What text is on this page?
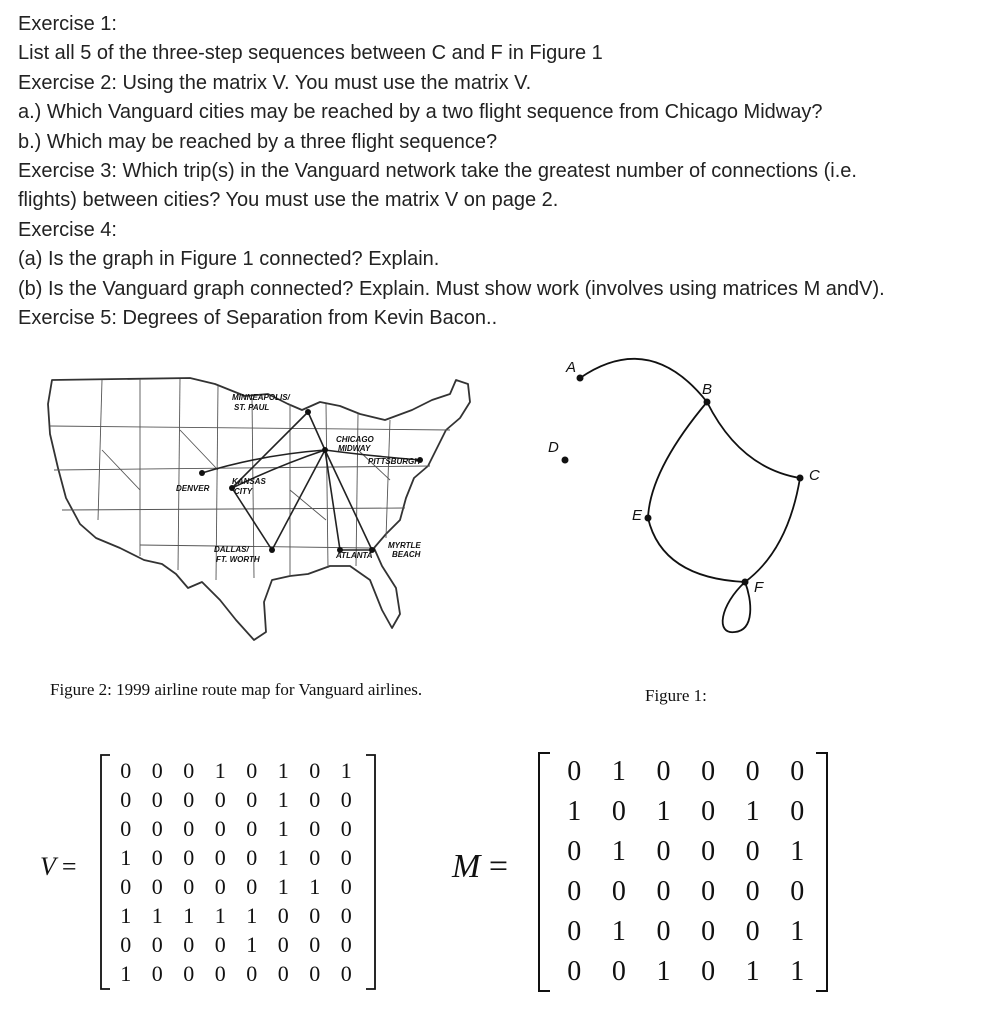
Exercise 1:
List all 5 of the three-step sequences between C and F in Figure 1
Exercise 2: Using the matrix V. You must use the matrix V.
a.) Which Vanguard cities may be reached by a two flight sequence from Chicago Midway?
b.) Which may be reached by a three flight sequence?
Exercise 3: Which trip(s) in the Vanguard network take the greatest number of connections (i.e.
flights) between cities? You must use the matrix V on page 2.
Exercise 4:
(a) Is the graph in Figure 1 connected? Explain.
(b) Is the Vanguard graph connected? Explain. Must show work (involves using matrices M andV).
Exercise 5: Degrees of Separation from Kevin Bacon..
MINNEAPOLIS/
ST. PAUL
CHICAGO
MIDWAY
PITTSBURGH
DENVER
KANSAS
CITY
DALLAS/
FT. WORTH	ATLANTA
MYRTLE
BEACH
Figure 2: 1999 airline route map for Vanguard airlines.
A
B
C
D
E
F
Figure 1:
V =
0 0 0 1 0 1 0 1
0 0 0 0 0 1 0 0
0 0 0 0 0 1 0 0
1 0 0 0 0 1 0 0
0 0 0 0 0 1 1 0
1 1 1 1 1 0 0 0
0 0 0 0 1 0 0 0
1 0 0 0 0 0 0 0
M =
0	1	0	0	0	0
1	0	1	0	1	0
0	1	0	0	0	1
0	0	0	0	0	0
0	1	0	0	0	1
0	0	1	0	1	1
